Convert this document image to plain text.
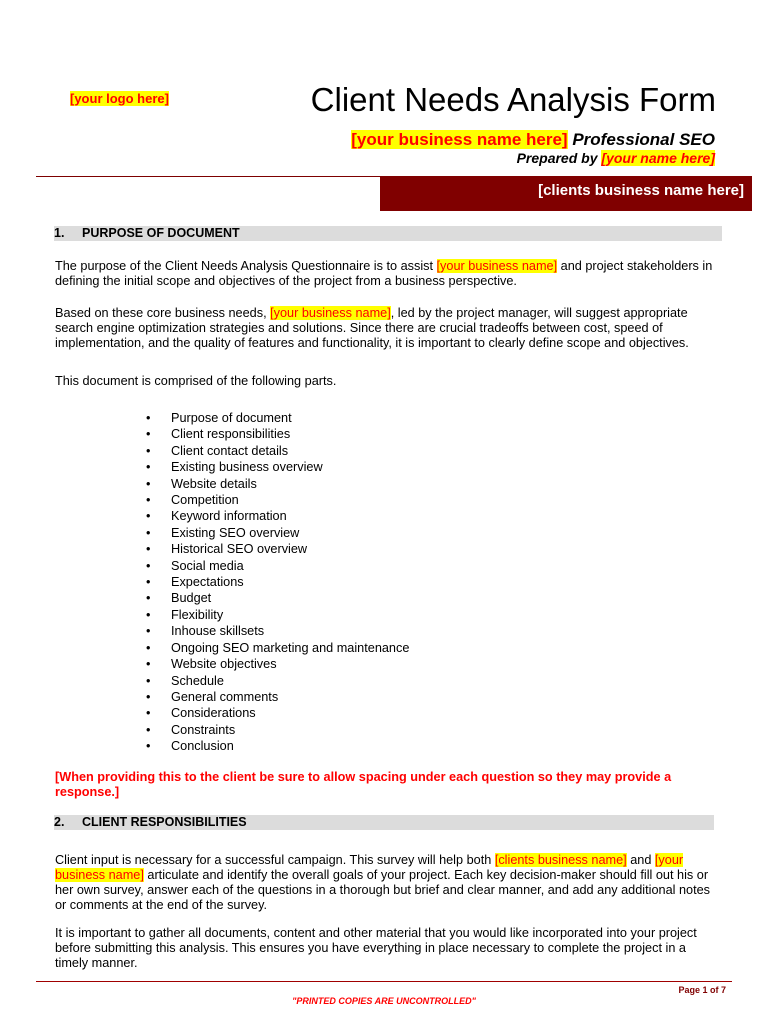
[your logo here]	Client Needs Analysis Form
[your business name here] Professional SEO
Prepared by [your name here]
[clients business name here]
1. PURPOSE OF DOCUMENT
The purpose of the Client Needs Analysis Questionnaire is to assist [your business name] and project stakeholders in defining the initial scope and objectives of the project from a business perspective.
Based on these core business needs, [your business name], led by the project manager, will suggest appropriate search engine optimization strategies and solutions. Since there are crucial tradeoffs between cost, speed of implementation, and the quality of features and functionality, it is important to clearly define scope and objectives.
This document is comprised of the following parts.
• Purpose of document
• Client responsibilities
• Client contact details
• Existing business overview
• Website details
• Competition
• Keyword information
• Existing SEO overview
• Historical SEO overview
• Social media
• Expectations
• Budget
• Flexibility
• Inhouse skillsets
• Ongoing SEO marketing and maintenance
• Website objectives
• Schedule
• General comments
• Considerations
• Constraints
• Conclusion
[When providing this to the client be sure to allow spacing under each question so they may provide a response.]
2. CLIENT RESPONSIBILITIES
Client input is necessary for a successful campaign. This survey will help both [clients business name] and [your business name] articulate and identify the overall goals of your project. Each key decision-maker should fill out his or her own survey, answer each of the questions in a thorough but brief and clear manner, and add any additional notes or comments at the end of the survey.
It is important to gather all documents, content and other material that you would like incorporated into your project before submitting this analysis. This ensures you have everything in place necessary to complete the project in a timely manner.
Page 1 of 7
"PRINTED COPIES ARE UNCONTROLLED"
